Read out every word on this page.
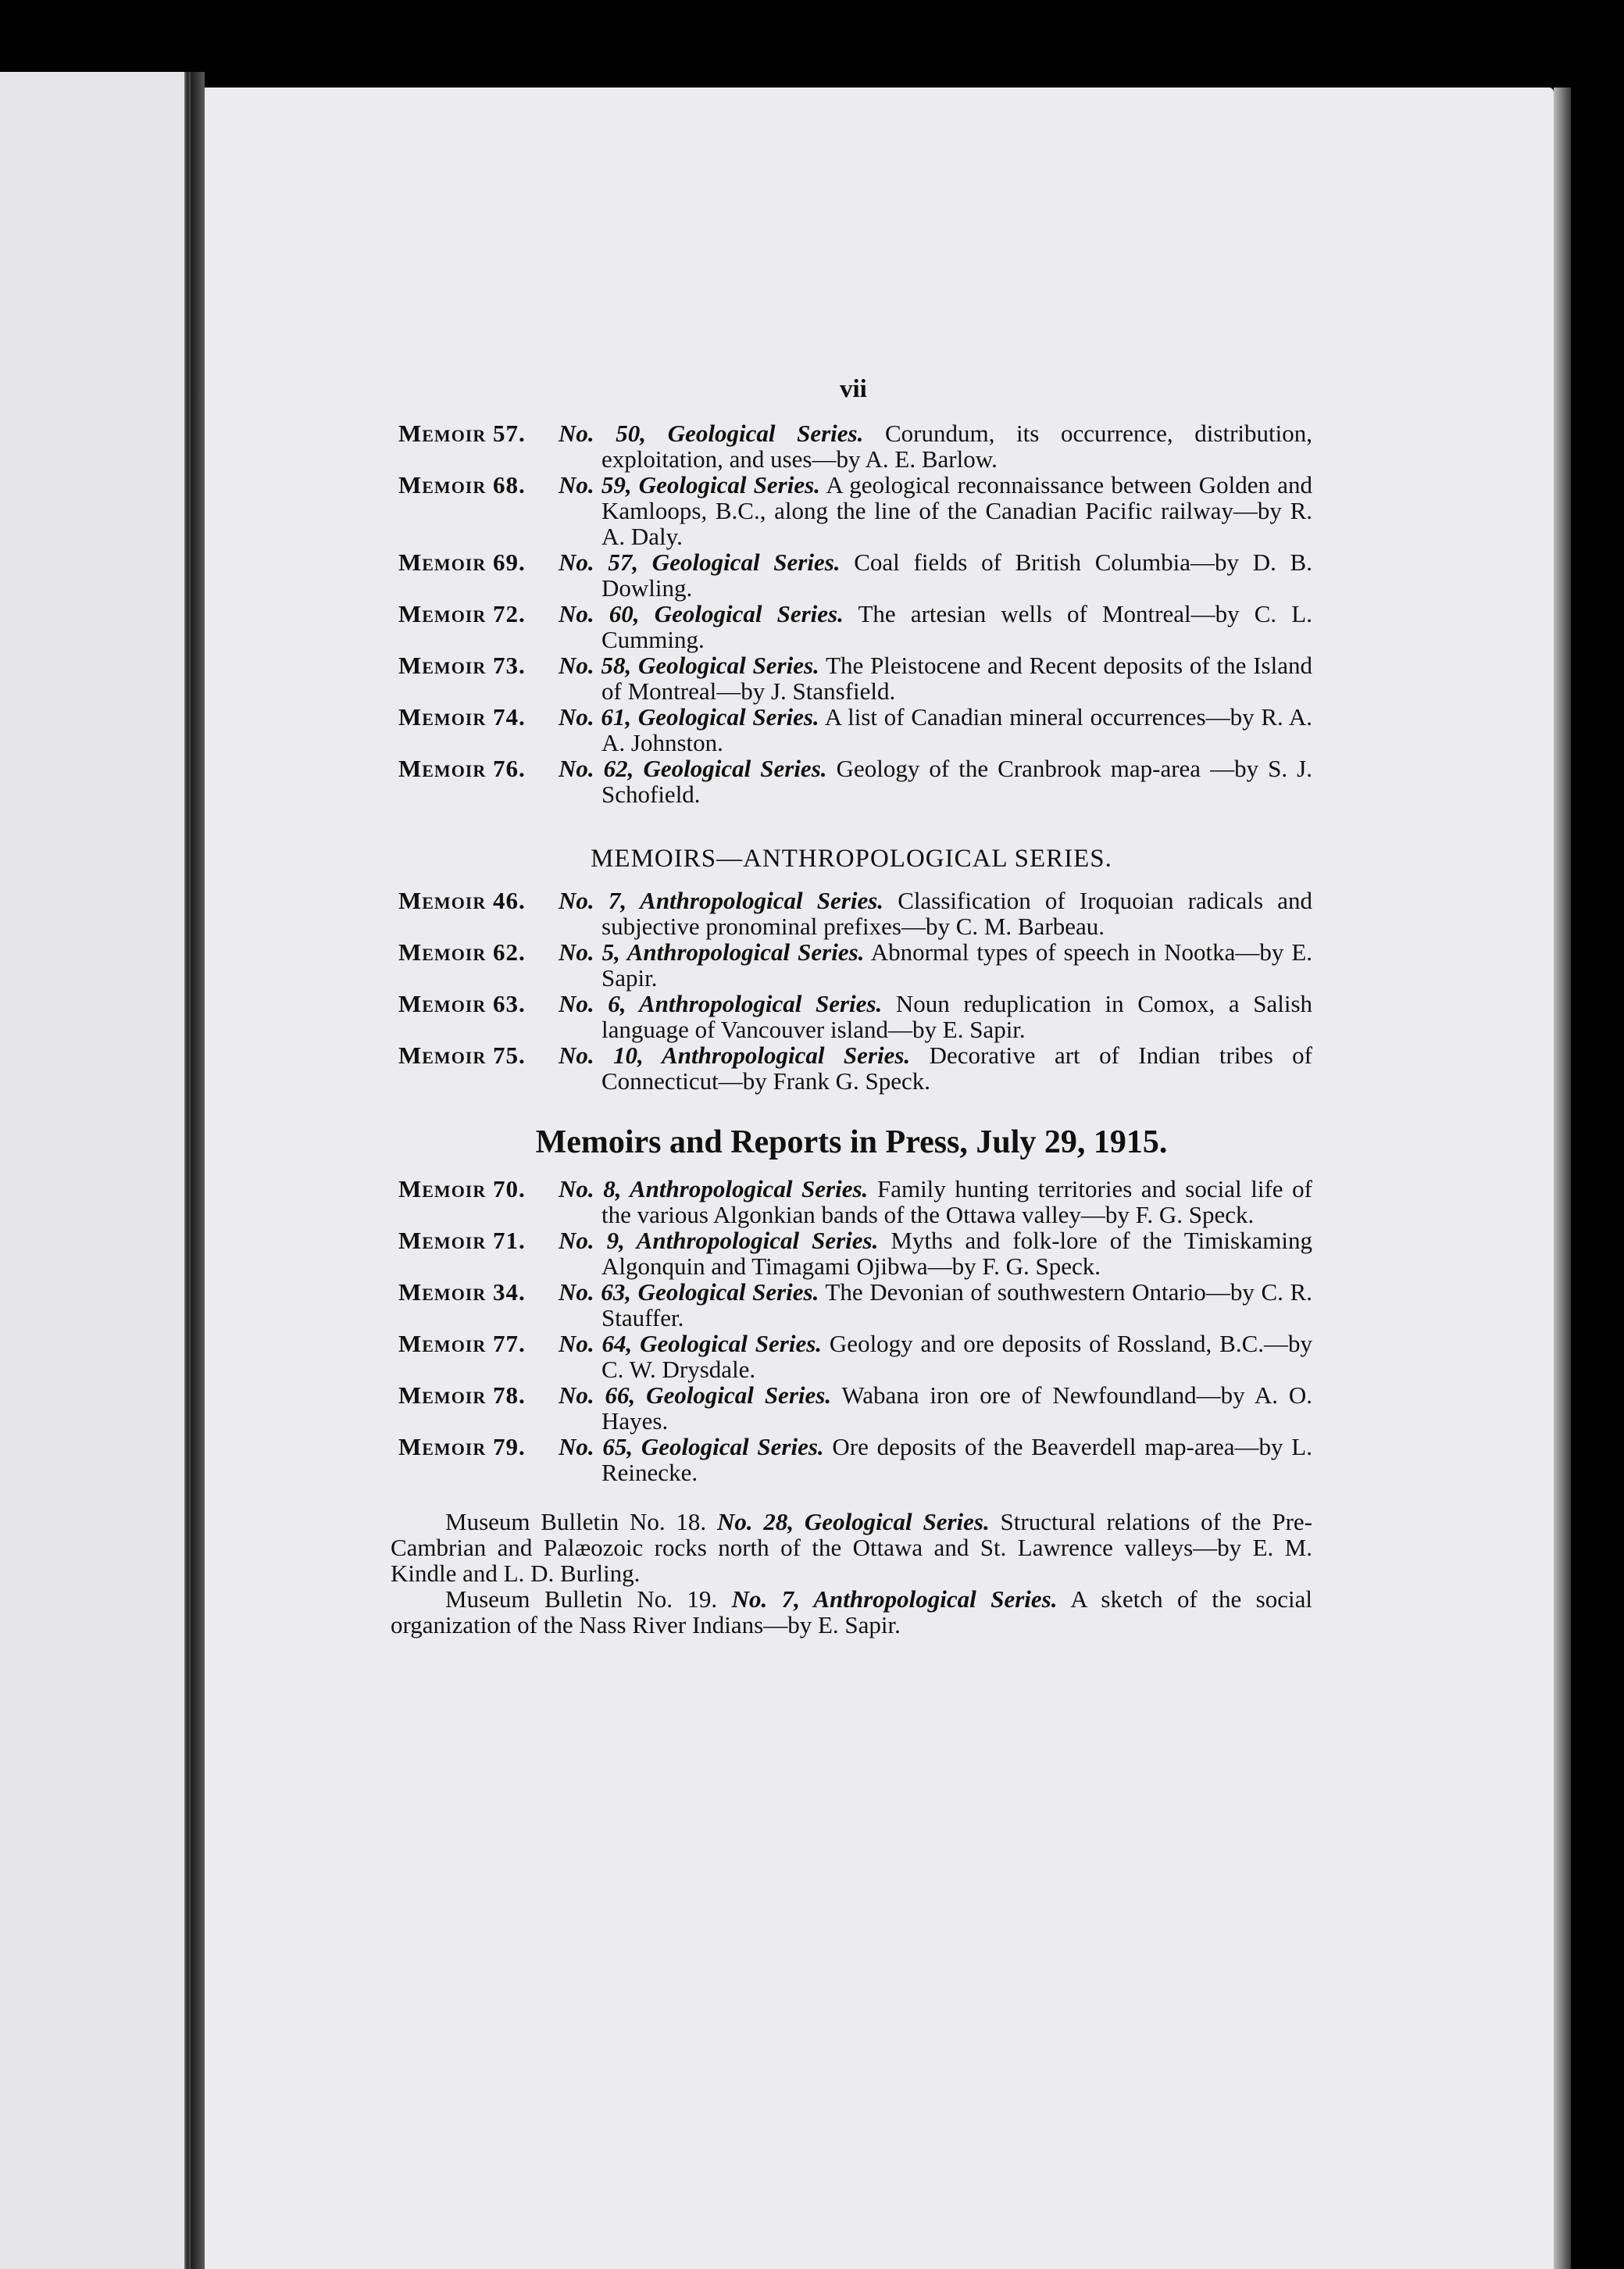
vii
Memoir 57. No. 50, Geological Series. Corundum, its occurrence, distribution, exploitation, and uses—by A. E. Barlow.
Memoir 68. No. 59, Geological Series. A geological reconnaissance between Golden and Kamloops, B.C., along the line of the Canadian Pacific railway—by R. A. Daly.
Memoir 69. No. 57, Geological Series. Coal fields of British Columbia—by D. B. Dowling.
Memoir 72. No. 60, Geological Series. The artesian wells of Montreal—by C. L. Cumming.
Memoir 73. No. 58, Geological Series. The Pleistocene and Recent deposits of the Island of Montreal—by J. Stansfield.
Memoir 74. No. 61, Geological Series. A list of Canadian mineral occurrences—by R. A. A. Johnston.
Memoir 76. No. 62, Geological Series. Geology of the Cranbrook map-area —by S. J. Schofield.
MEMOIRS—ANTHROPOLOGICAL SERIES.
Memoir 46. No. 7, Anthropological Series. Classification of Iroquoian radicals and subjective pronominal prefixes—by C. M. Barbeau.
Memoir 62. No. 5, Anthropological Series. Abnormal types of speech in Nootka—by E. Sapir.
Memoir 63. No. 6, Anthropological Series. Noun reduplication in Comox, a Salish language of Vancouver island—by E. Sapir.
Memoir 75. No. 10, Anthropological Series. Decorative art of Indian tribes of Connecticut—by Frank G. Speck.
Memoirs and Reports in Press, July 29, 1915.
Memoir 70. No. 8, Anthropological Series. Family hunting territories and social life of the various Algonkian bands of the Ottawa valley—by F. G. Speck.
Memoir 71. No. 9, Anthropological Series. Myths and folk-lore of the Timiskaming Algonquin and Timagami Ojibwa—by F. G. Speck.
Memoir 34. No. 63, Geological Series. The Devonian of southwestern Ontario—by C. R. Stauffer.
Memoir 77. No. 64, Geological Series. Geology and ore deposits of Rossland, B.C.—by C. W. Drysdale.
Memoir 78. No. 66, Geological Series. Wabana iron ore of Newfoundland—by A. O. Hayes.
Memoir 79. No. 65, Geological Series. Ore deposits of the Beaverdell map-area—by L. Reinecke.

Museum Bulletin No. 18. No. 28, Geological Series. Structural relations of the Pre-Cambrian and Palæozoic rocks north of the Ottawa and St. Lawrence valleys—by E. M. Kindle and L. D. Burling.

Museum Bulletin No. 19. No. 7, Anthropological Series. A sketch of the social organization of the Nass River Indians—by E. Sapir.
